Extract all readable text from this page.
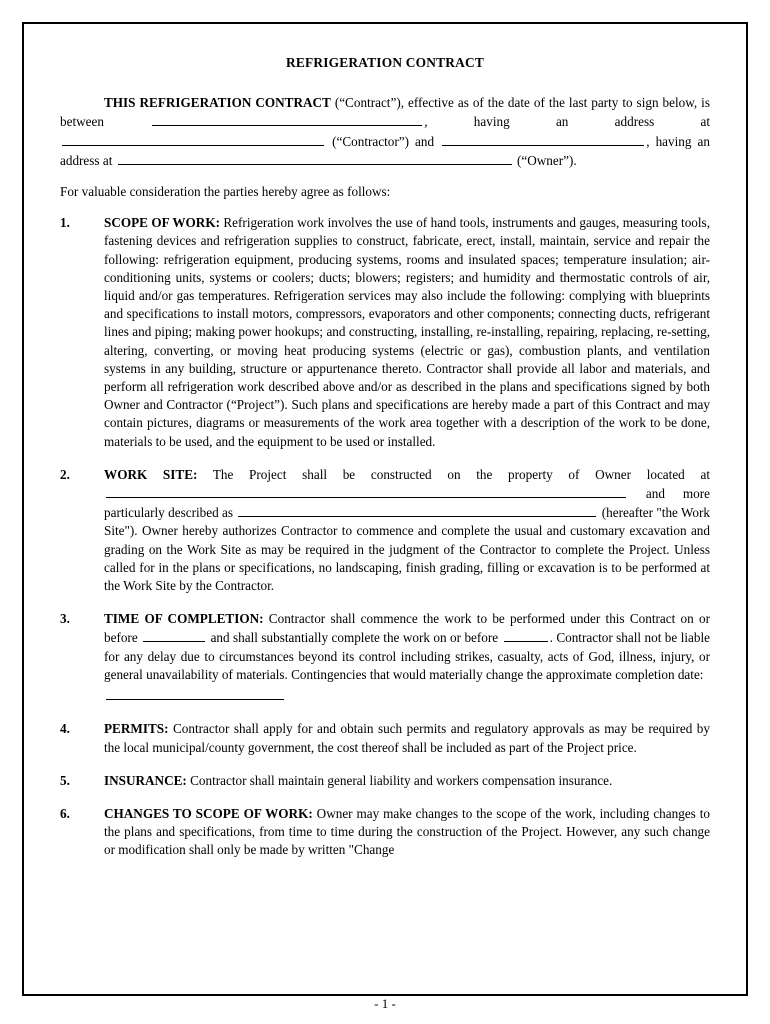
REFRIGERATION CONTRACT

THIS REFRIGERATION CONTRACT (“Contract”), effective as of the date of the last party to sign below, is between	, having an address at  (“Contractor”) and	, having an address at	(“Owner”).

For valuable consideration the parties hereby agree as follows:

1.	SCOPE OF WORK: Refrigeration work involves the use of hand tools, instruments and gauges, measuring tools, fastening devices and refrigeration supplies to construct, fabricate, erect, install, maintain, service and repair the following: refrigeration equipment, producing systems, rooms and insulated spaces; temperature insulation; air-conditioning units, systems or coolers; ducts; blowers; registers; and humidity and thermostatic controls of air, liquid and/or gas temperatures. Refrigeration services may also include the following: complying with blueprints and specifications to install motors, compressors, evaporators and other components; connecting ducts, refrigerant lines and piping; making power hookups; and constructing, installing, re-installing, repairing, replacing, re-setting, altering, converting, or moving heat producing systems (electric or gas), combustion plants, and ventilation systems in any building, structure or appurtenance thereto. Contractor shall provide all labor and materials, and perform all refrigeration work described above and/or as described in the plans and specifications signed by both Owner and Contractor (“Project”). Such plans and specifications are hereby made a part of this Contract and may contain pictures, diagrams or measurements of the work area together with a description of the work to be done, materials to be used, and the equipment to be used or installed.
2.	WORK SITE: The Project shall be constructed on the property of Owner located at  and more particularly described as	(hereafter "the Work Site"). Owner hereby authorizes Contractor to commence and complete the usual and customary excavation and grading on the Work Site as may be required in the judgment of the Contractor to complete the Project. Unless called for in the plans or specifications, no landscaping, finish grading, filling or excavation is to be performed at the Work Site by the Contractor.
3.	TIME OF COMPLETION: Contractor shall commence the work to be performed under this Contract on or before	and shall substantially complete the work on or before	. Contractor shall not be liable for any delay due to circumstances beyond its control including strikes, casualty, acts of God, illness, injury, or general unavailability of materials. Contingencies that would materially change the approximate completion date:
4.	PERMITS: Contractor shall apply for and obtain such permits and regulatory approvals as may be required by the local municipal/county government, the cost thereof shall be included as part of the Project price.
5.	INSURANCE: Contractor shall maintain general liability and workers compensation insurance.
6.	CHANGES TO SCOPE OF WORK: Owner may make changes to the scope of the work, including changes to the plans and specifications, from time to time during the construction of the Project. However, any such change or modification shall only be made by written "Change
- 1 -
